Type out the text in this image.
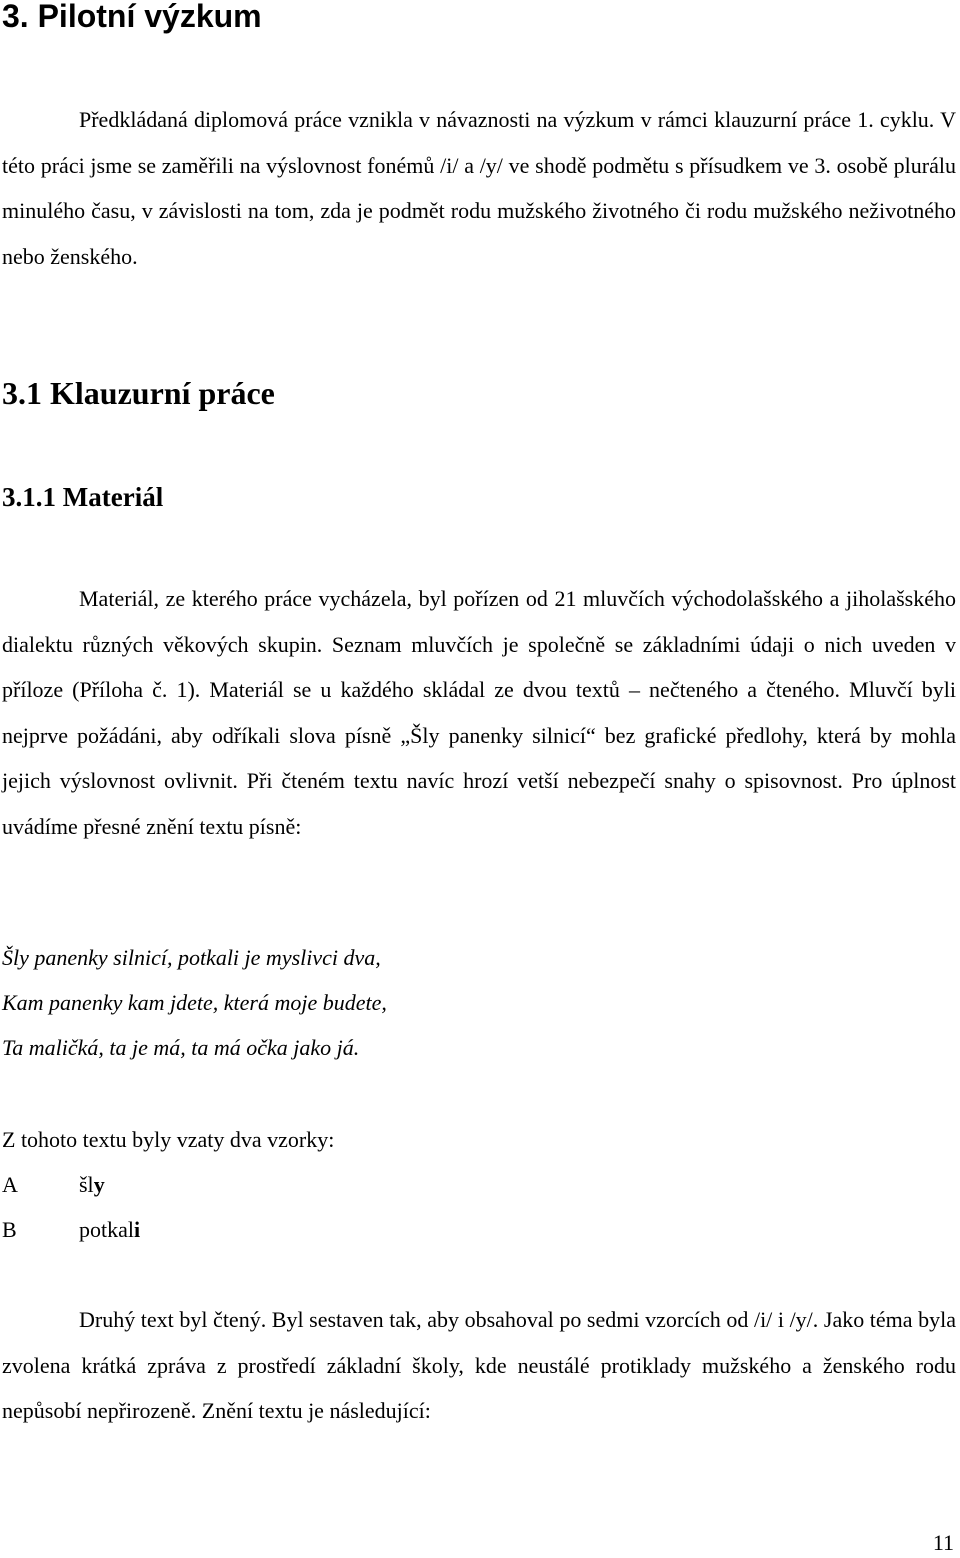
3. Pilotní výzkum

Předkládaná diplomová práce vznikla v návaznosti na výzkum v rámci klauzurní práce 1. cyklu. V této práci jsme se zaměřili na výslovnost fonémů /i/ a /y/ ve shodě podmětu s přísudkem ve 3. osobě plurálu minulého času, v závislosti na tom, zda je podmět rodu mužského životného či rodu mužského neživotného nebo ženského.

3.1 Klauzurní práce
3.1.1 Materiál

Materiál, ze kterého práce vycházela, byl pořízen od 21 mluvčích východolašského a jiholašského dialektu různých věkových skupin. Seznam mluvčích je společně se základními údaji o nich uveden v příloze (Příloha č. 1). Materiál se u každého skládal ze dvou textů – nečteného a čteného. Mluvčí byli nejprve požádáni, aby odříkali slova písně „Šly panenky silnicí“ bez grafické předlohy, která by mohla jejich výslovnost ovlivnit. Při čteném textu navíc hrozí vetší nebezpečí snahy o spisovnost. Pro úplnost uvádíme přesné znění textu písně:

Šly panenky silnicí, potkali je myslivci dva,
Kam panenky kam jdete, která moje budete,
Ta maličká, ta je má, ta má očka jako já.

Z tohoto textu byly vzaty dva vzorky:

A	šly
B	potkali

Druhý text byl čtený. Byl sestaven tak, aby obsahoval po sedmi vzorcích od /i/ i /y/. Jako téma byla zvolena krátká zpráva z prostředí základní školy, kde neustálé protiklady mužského a ženského rodu nepůsobí nepřirozeně. Znění textu je následující:

11
